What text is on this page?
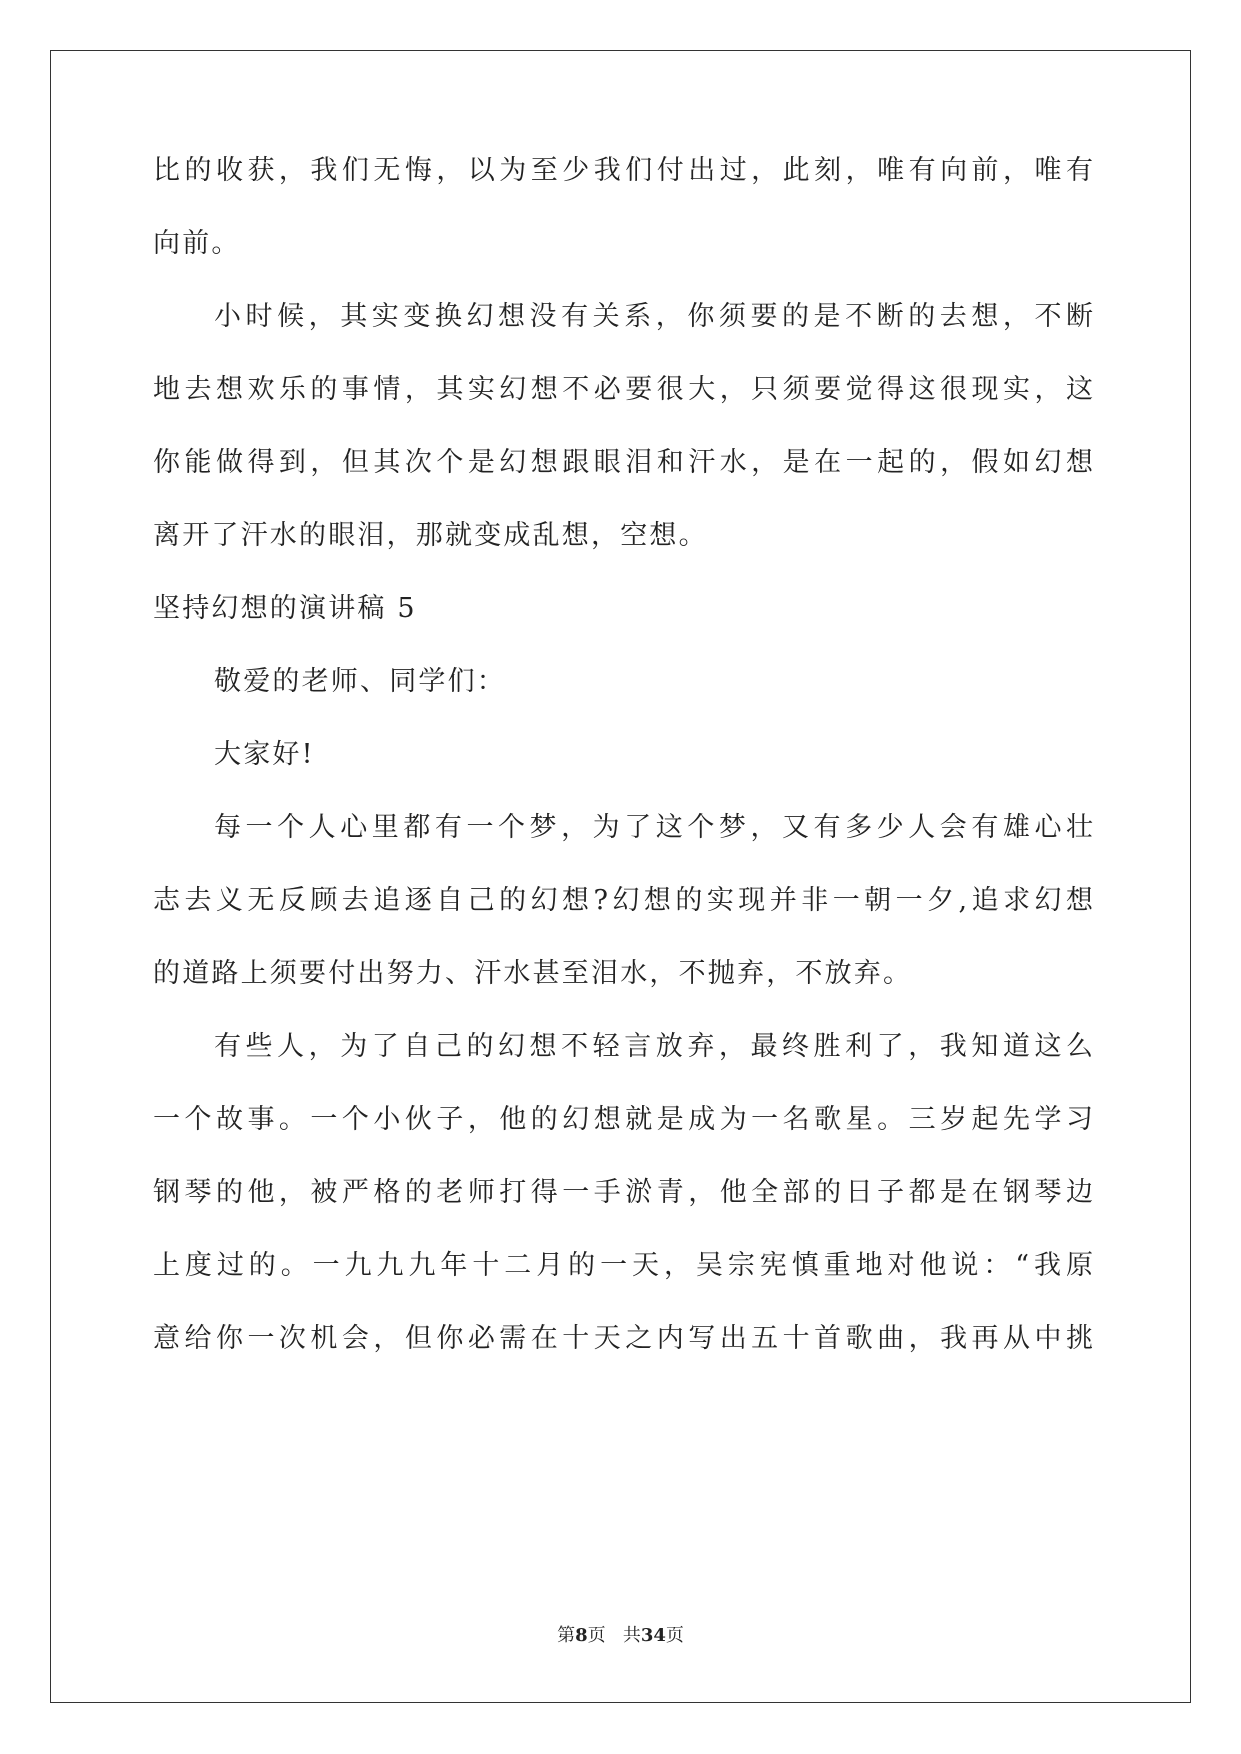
比的收获，我们无悔，以为至少我们付出过，此刻，唯有向前，唯有
向前。
小时候，其实变换幻想没有关系，你须要的是不断的去想，不断
地去想欢乐的事情，其实幻想不必要很大，只须要觉得这很现实，这
你能做得到，但其次个是幻想跟眼泪和汗水，是在一起的，假如幻想
离开了汗水的眼泪，那就变成乱想，空想。
坚持幻想的演讲稿 5
敬爱的老师、同学们：
大家好!
每一个人心里都有一个梦，为了这个梦，又有多少人会有雄心壮
志去义无反顾去追逐自己的幻想?幻想的实现并非一朝一夕,追求幻想
的道路上须要付出努力、汗水甚至泪水，不抛弃，不放弃。
有些人，为了自己的幻想不轻言放弃，最终胜利了，我知道这么
一个故事。一个小伙子，他的幻想就是成为一名歌星。三岁起先学习
钢琴的他，被严格的老师打得一手淤青，他全部的日子都是在钢琴边
上度过的。一九九九年十二月的一天，吴宗宪慎重地对他说：“我原
意给你一次机会，但你必需在十天之内写出五十首歌曲，我再从中挑
第8页 共34页
